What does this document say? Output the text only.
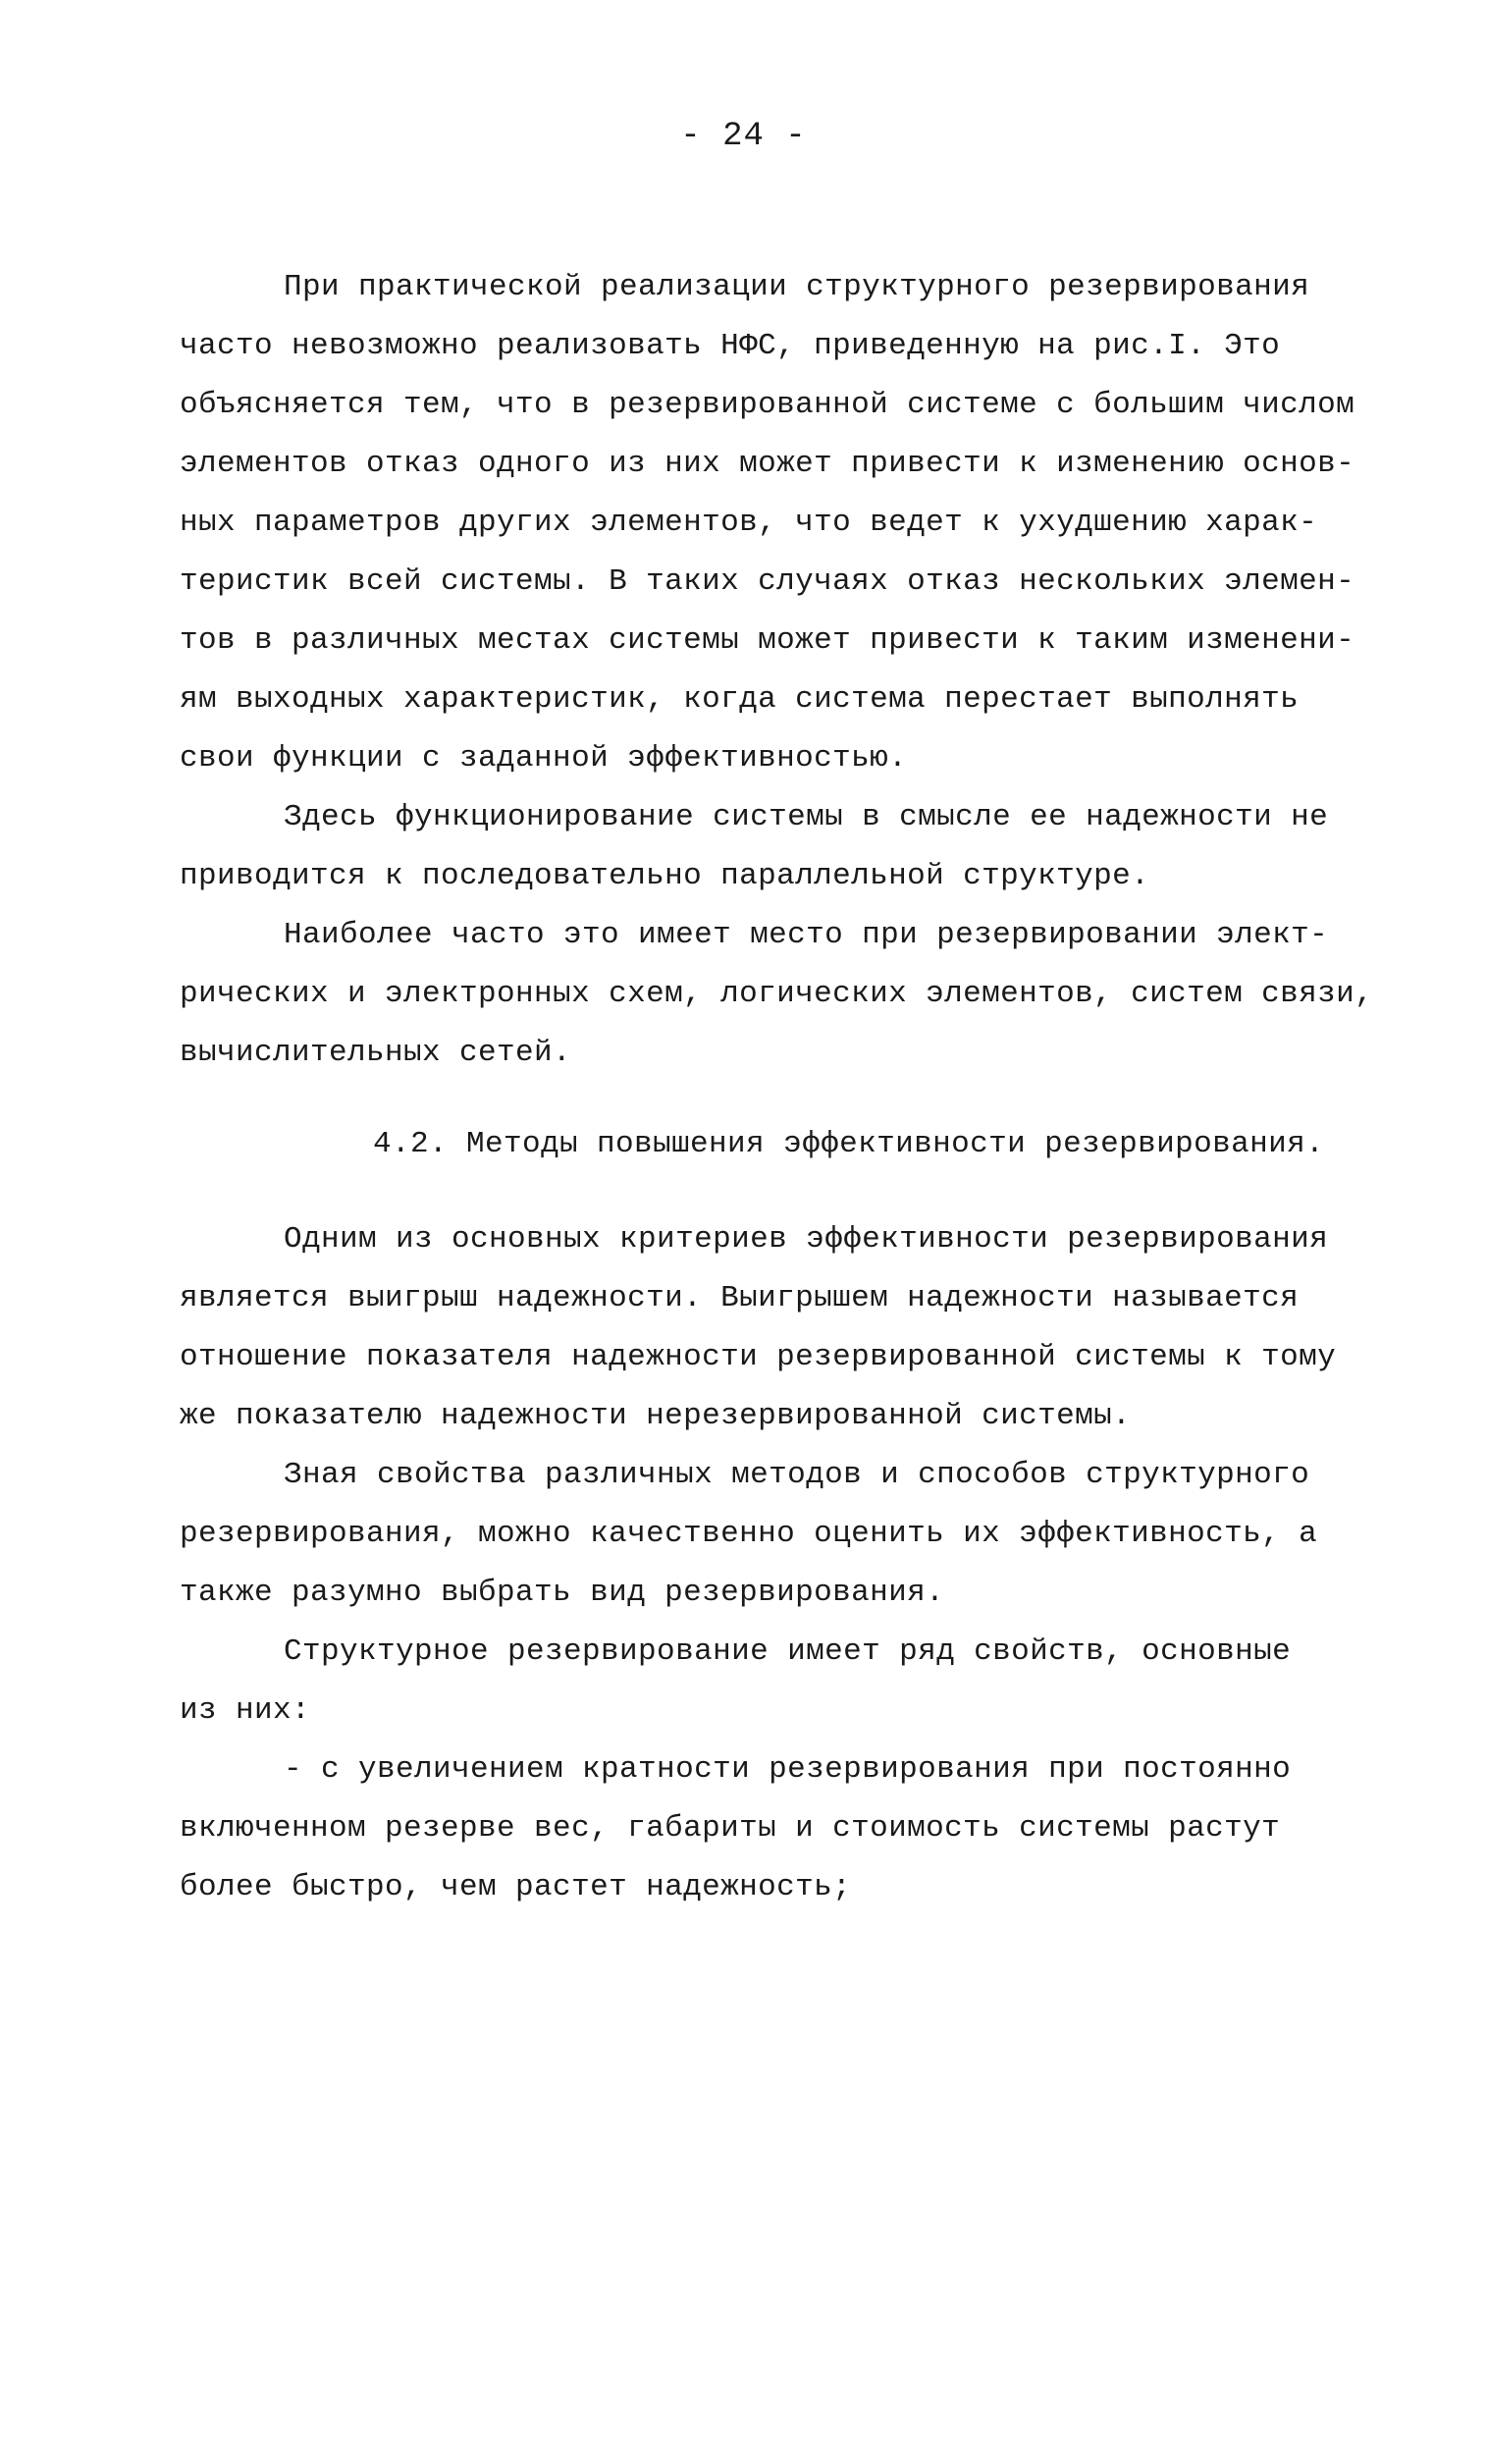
- 24 -
При практической реализации структурного резервирования
часто невозможно реализовать НФС, приведенную на рис.I. Это
объясняется тем, что в резервированной системе с большим числом
элементов отказ одного из них может привести к изменению основ-
ных параметров других элементов, что ведет к ухудшению харак-
теристик всей системы. В таких случаях отказ нескольких элемен-
тов в различных местах системы может привести к таким изменени-
ям выходных характеристик, когда система перестает выполнять
свои функции с заданной эффективностью.
Здесь функционирование системы в смысле ее надежности не
приводится к последовательно параллельной структуре.
Наиболее часто это имеет место при резервировании элект-
рических и электронных схем, логических элементов, систем связи,
вычислительных сетей.
4.2. Методы повышения эффективности резервирования.
Одним из основных критериев эффективности резервирования
является выигрыш надежности. Выигрышем надежности называется
отношение показателя надежности резервированной системы к тому
же показателю надежности нерезервированной системы.
Зная свойства различных методов и способов структурного
резервирования, можно качественно оценить их эффективность, а
также разумно выбрать вид резервирования.
Структурное резервирование имеет ряд свойств, основные
из них:
- с увеличением кратности резервирования при постоянно
включенном резерве вес, габариты и стоимость системы растут
более быстро, чем растет надежность;
